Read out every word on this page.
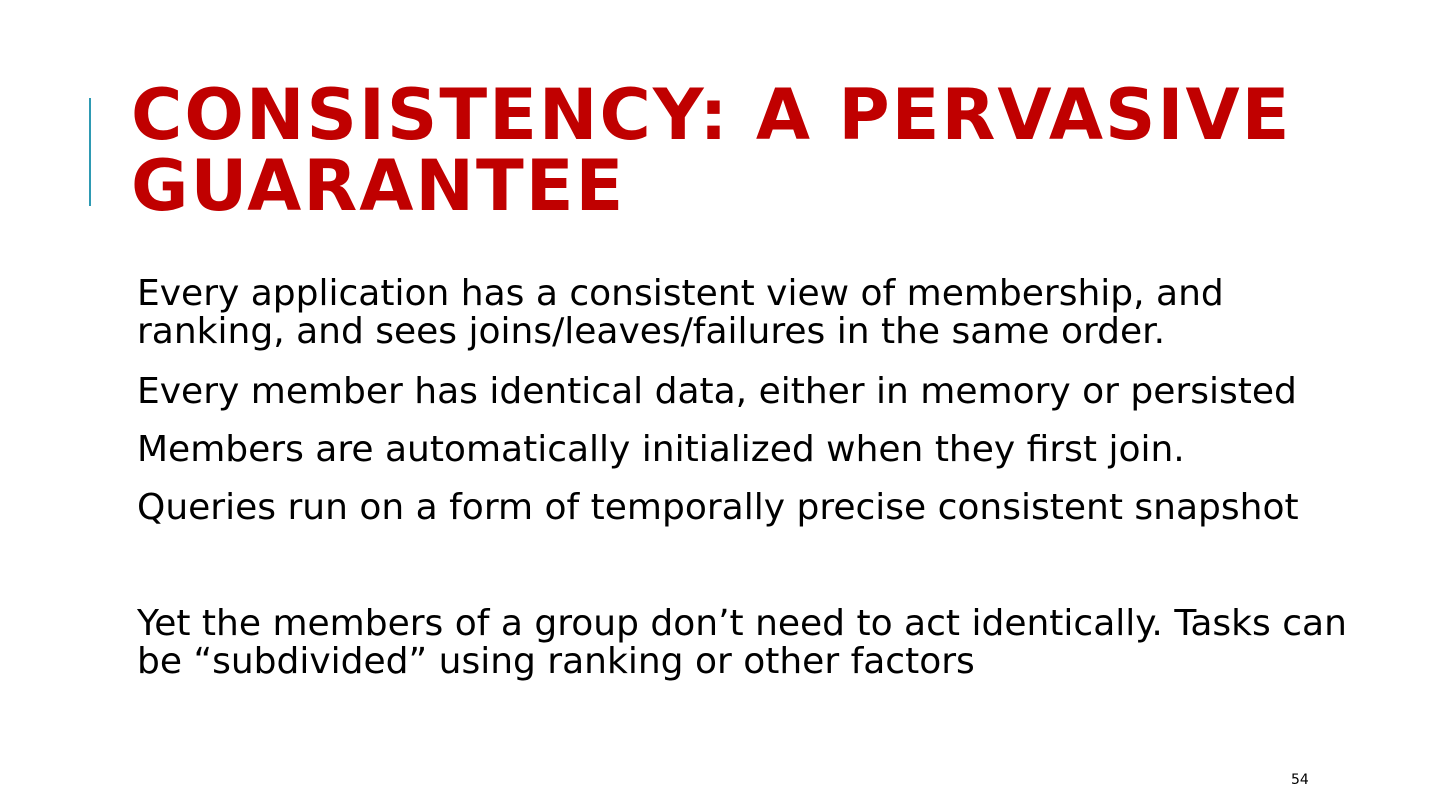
CONSISTENCY: A PERVASIVE
GUARANTEE

Every application has a consistent view of membership, and
ranking, and sees joins/leaves/failures in the same order.

Every member has identical data, either in memory or persisted

Members are automatically initialized when they first join.

Queries run on a form of temporally precise consistent snapshot

Yet the members of a group don’t need to act identically. Tasks can
be “subdivided” using ranking or other factors

54
